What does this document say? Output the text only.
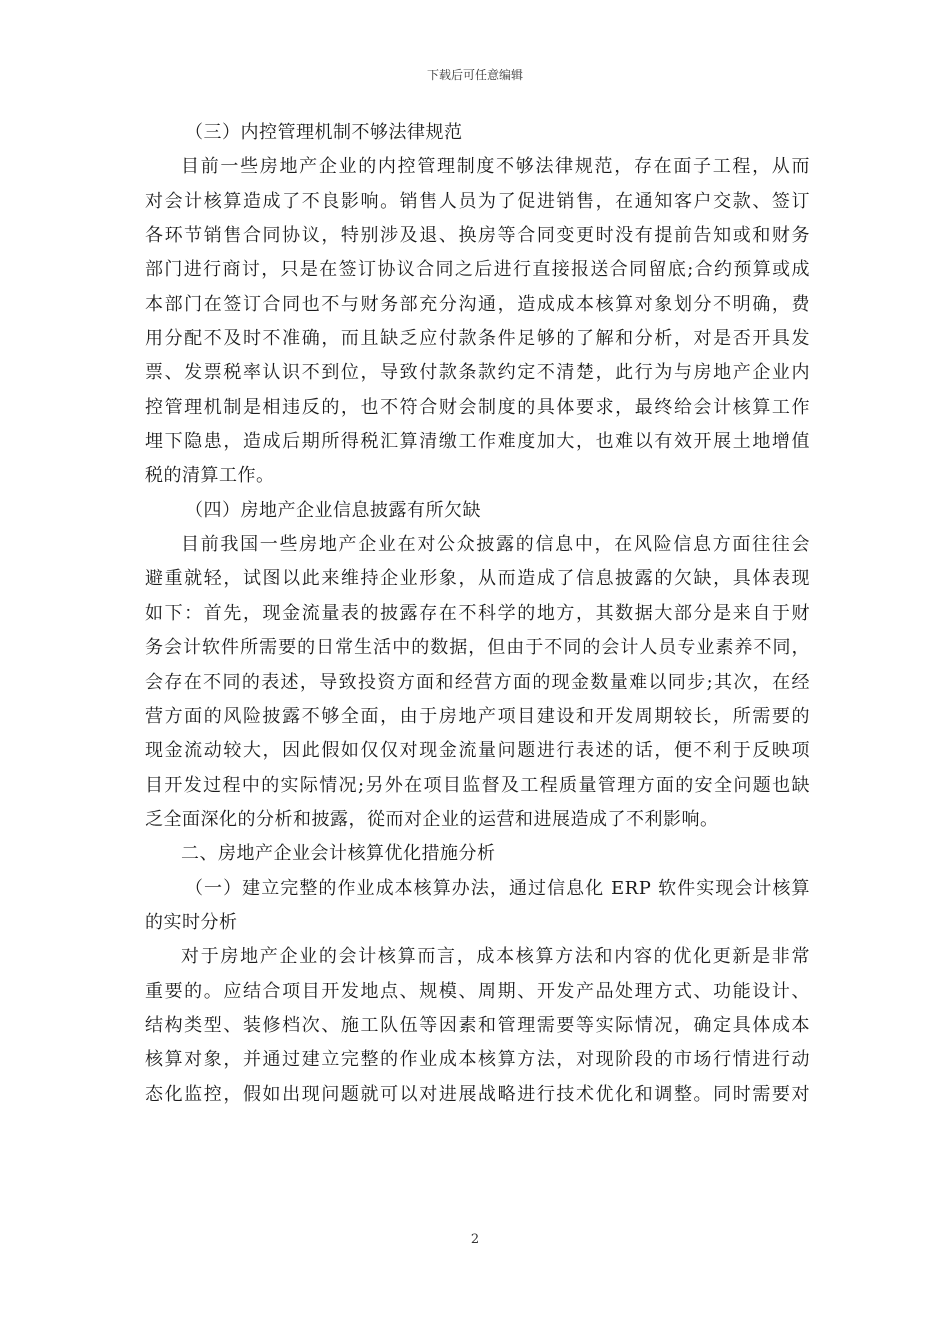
下载后可任意编辑
（三）内控管理机制不够法律规范
目前一些房地产企业的内控管理制度不够法律规范，存在面子工程，从而
对会计核算造成了不良影响。销售人员为了促进销售，在通知客户交款、签订
各环节销售合同协议，特别涉及退、换房等合同变更时没有提前告知或和财务
部门进行商讨，只是在签订协议合同之后进行直接报送合同留底;合约预算或成
本部门在签订合同也不与财务部充分沟通，造成成本核算对象划分不明确，费
用分配不及时不准确，而且缺乏应付款条件足够的了解和分析，对是否开具发
票、发票税率认识不到位，导致付款条款约定不清楚，此行为与房地产企业内
控管理机制是相违反的，也不符合财会制度的具体要求，最终给会计核算工作
埋下隐患，造成后期所得税汇算清缴工作难度加大，也难以有效开展土地增值
税的清算工作。
（四）房地产企业信息披露有所欠缺
目前我国一些房地产企业在对公众披露的信息中，在风险信息方面往往会
避重就轻，试图以此来维持企业形象，从而造成了信息披露的欠缺，具体表现
如下：首先，现金流量表的披露存在不科学的地方，其数据大部分是来自于财
务会计软件所需要的日常生活中的数据，但由于不同的会计人员专业素养不同，
会存在不同的表述，导致投资方面和经营方面的现金数量难以同步;其次，在经
营方面的风险披露不够全面，由于房地产项目建设和开发周期较长，所需要的
现金流动较大，因此假如仅仅对现金流量问题进行表述的话，便不利于反映项
目开发过程中的实际情况;另外在项目监督及工程质量管理方面的安全问题也缺
乏全面深化的分析和披露，從而对企业的运营和进展造成了不利影响。
二、房地产企业会计核算优化措施分析
（一）建立完整的作业成本核算办法，通过信息化 ERP 软件实现会计核算
的实时分析
对于房地产企业的会计核算而言，成本核算方法和内容的优化更新是非常
重要的。应结合项目开发地点、规模、周期、开发产品处理方式、功能设计、
结构类型、装修档次、施工队伍等因素和管理需要等实际情况，确定具体成本
核算对象，并通过建立完整的作业成本核算方法，对现阶段的市场行情进行动
态化监控，假如出现问题就可以对进展战略进行技术优化和调整。同时需要对
2
